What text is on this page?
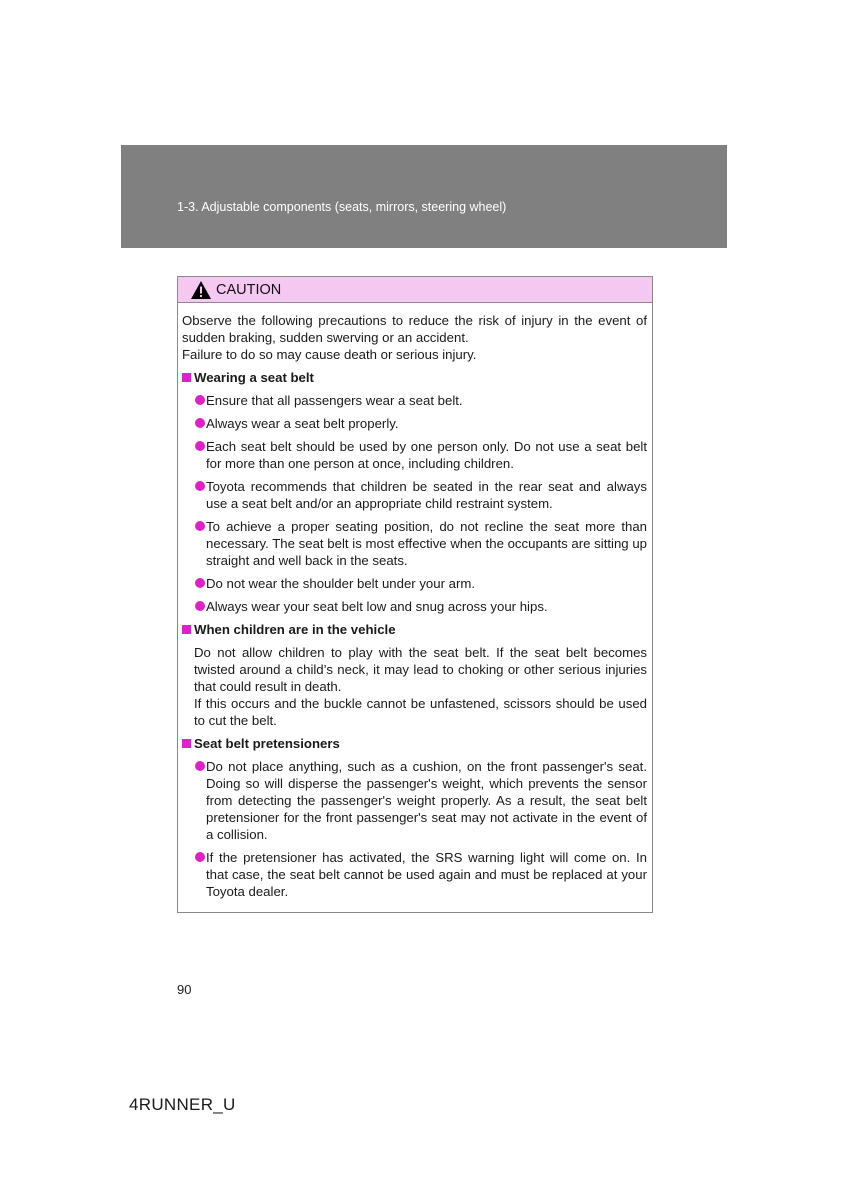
1-3. Adjustable components (seats, mirrors, steering wheel)
CAUTION

Observe the following precautions to reduce the risk of injury in the event of sudden braking, sudden swerving or an accident.

Failure to do so may cause death or serious injury.

Wearing a seat belt
Ensure that all passengers wear a seat belt.
Always wear a seat belt properly.
Each seat belt should be used by one person only. Do not use a seat belt for more than one person at once, including children.
Toyota recommends that children be seated in the rear seat and always use a seat belt and/or an appropriate child restraint system.
To achieve a proper seating position, do not recline the seat more than necessary. The seat belt is most effective when the occupants are sitting up straight and well back in the seats.
Do not wear the shoulder belt under your arm.
Always wear your seat belt low and snug across your hips.
When children are in the vehicle

Do not allow children to play with the seat belt. If the seat belt becomes twisted around a child’s neck, it may lead to choking or other serious injuries that could result in death.

If this occurs and the buckle cannot be unfastened, scissors should be used to cut the belt.

Seat belt pretensioners
Do not place anything, such as a cushion, on the front passenger's seat. Doing so will disperse the passenger's weight, which prevents the sensor from detecting the passenger's weight properly. As a result, the seat belt pretensioner for the front passenger's seat may not activate in the event of a collision.
If the pretensioner has activated, the SRS warning light will come on. In that case, the seat belt cannot be used again and must be replaced at your Toyota dealer.
90
4RUNNER_U
